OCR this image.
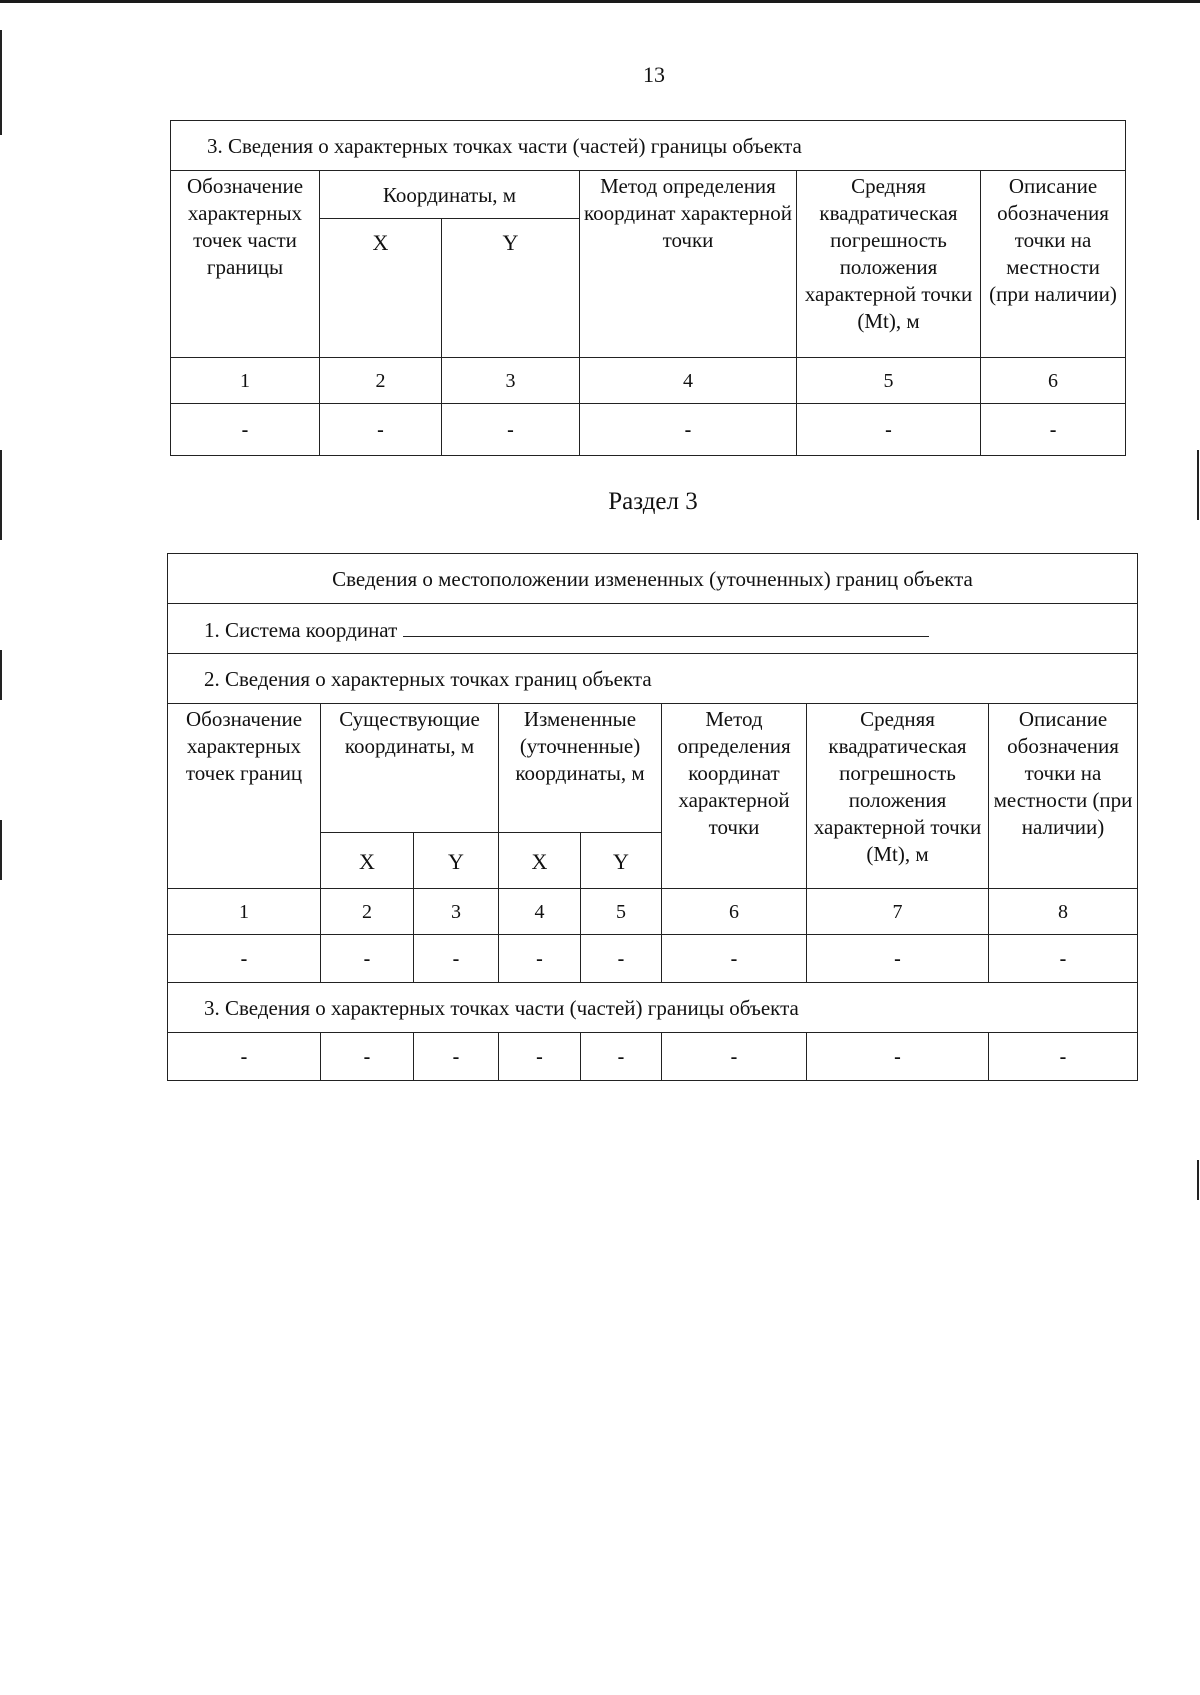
13
3. Сведения о характерных точках части (частей) границы объекта					
Обозначение характерных точек части границы	Координаты, м		Метод определения координат характерной точки	Средняя квадратическая погрешность положения характерной точки (Mt), м	Описание обозначения точки на местности (при наличии)
	X	Y			
1	2	3	4	5	6
-	-	-	-	-	-
Раздел 3
Сведения о местоположении измененных (уточненных) границ объекта							
1. Система координат							
2. Сведения о характерных точках границ объекта							
Обозначение характерных точек границ	Существующие координаты, м		Измененные (уточненные) координаты, м		Метод определения координат характерной точки	Средняя квадратическая погрешность положения характерной точки (Mt), м	Описание обозначения точки на местности (при наличии)
	X	Y	X	Y			
1	2	3	4	5	6	7	8
-	-	-	-	-	-	-	-
3. Сведения о характерных точках части (частей) границы объекта							
-	-	-	-	-	-	-	-
